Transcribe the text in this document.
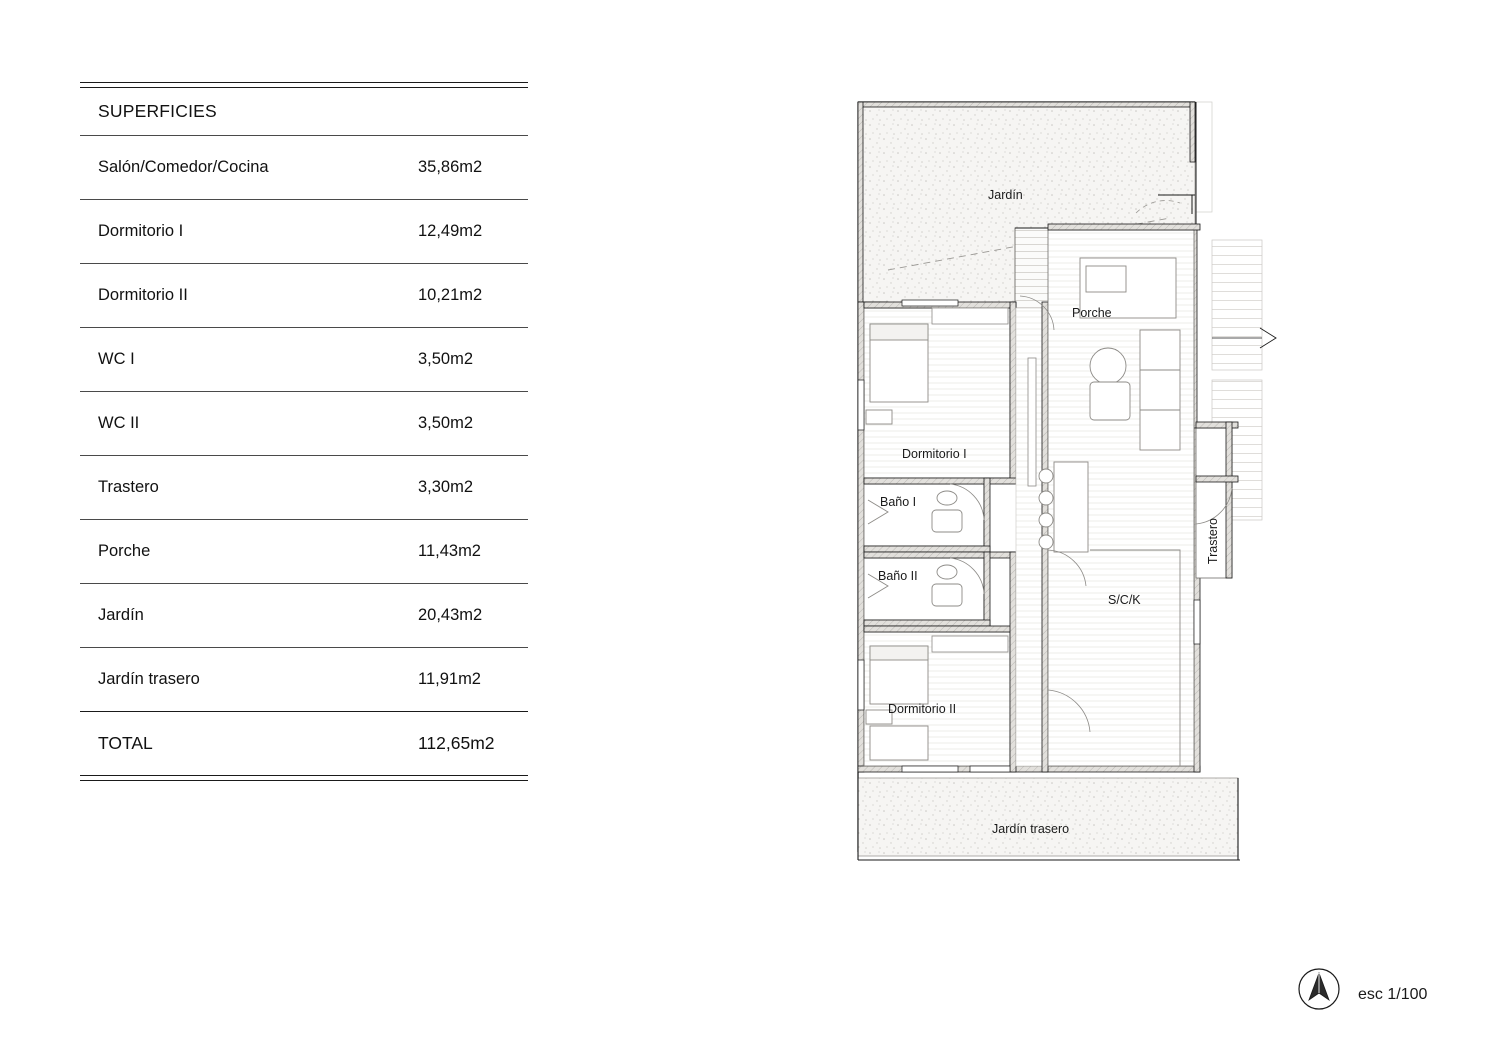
SUPERFICIES
Salón/Comedor/Cocina	35,86m2
Dormitorio I	12,49m2
Dormitorio II	10,21m2
WC I	3,50m2
WC II	3,50m2
Trastero	3,30m2
Porche	11,43m2
Jardín	20,43m2
Jardín trasero	11,91m2
TOTAL	112,65m2
Jardín
Porche
Dormitorio I
Baño I
Baño II
Dormitorio II
S/C/K
Trastero
Jardín trasero
esc 1/100
